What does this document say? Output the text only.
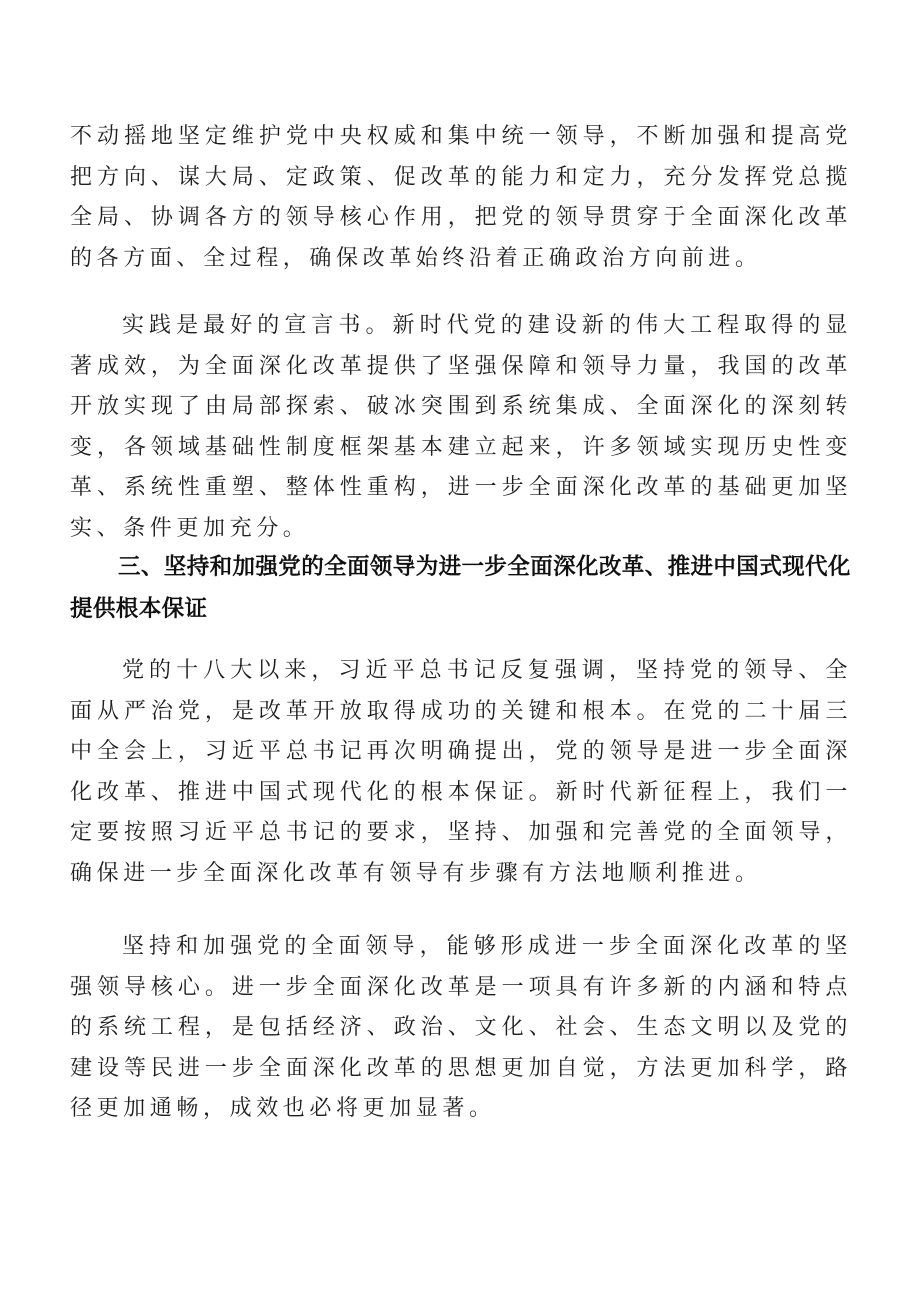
不动摇地坚定维护党中央权威和集中统一领导，不断加强和提高党把方向、谋大局、定政策、促改革的能力和定力，充分发挥党总揽全局、协调各方的领导核心作用，把党的领导贯穿于全面深化改革的各方面、全过程，确保改革始终沿着正确政治方向前进。

实践是最好的宣言书。新时代党的建设新的伟大工程取得的显著成效，为全面深化改革提供了坚强保障和领导力量，我国的改革开放实现了由局部探索、破冰突围到系统集成、全面深化的深刻转变，各领域基础性制度框架基本建立起来，许多领域实现历史性变革、系统性重塑、整体性重构，进一步全面深化改革的基础更加坚实、条件更加充分。

三、坚持和加强党的全面领导为进一步全面深化改革、推进中国式现代化提供根本保证

党的十八大以来，习近平总书记反复强调，坚持党的领导、全面从严治党，是改革开放取得成功的关键和根本。在党的二十届三中全会上，习近平总书记再次明确提出，党的领导是进一步全面深化改革、推进中国式现代化的根本保证。新时代新征程上，我们一定要按照习近平总书记的要求，坚持、加强和完善党的全面领导，确保进一步全面深化改革有领导有步骤有方法地顺利推进。

坚持和加强党的全面领导，能够形成进一步全面深化改革的坚强领导核心。进一步全面深化改革是一项具有许多新的内涵和特点的系统工程，是包括经济、政治、文化、社会、生态文明以及党的建设等民进一步全面深化改革的思想更加自觉，方法更加科学，路径更加通畅，成效也必将更加显著。
